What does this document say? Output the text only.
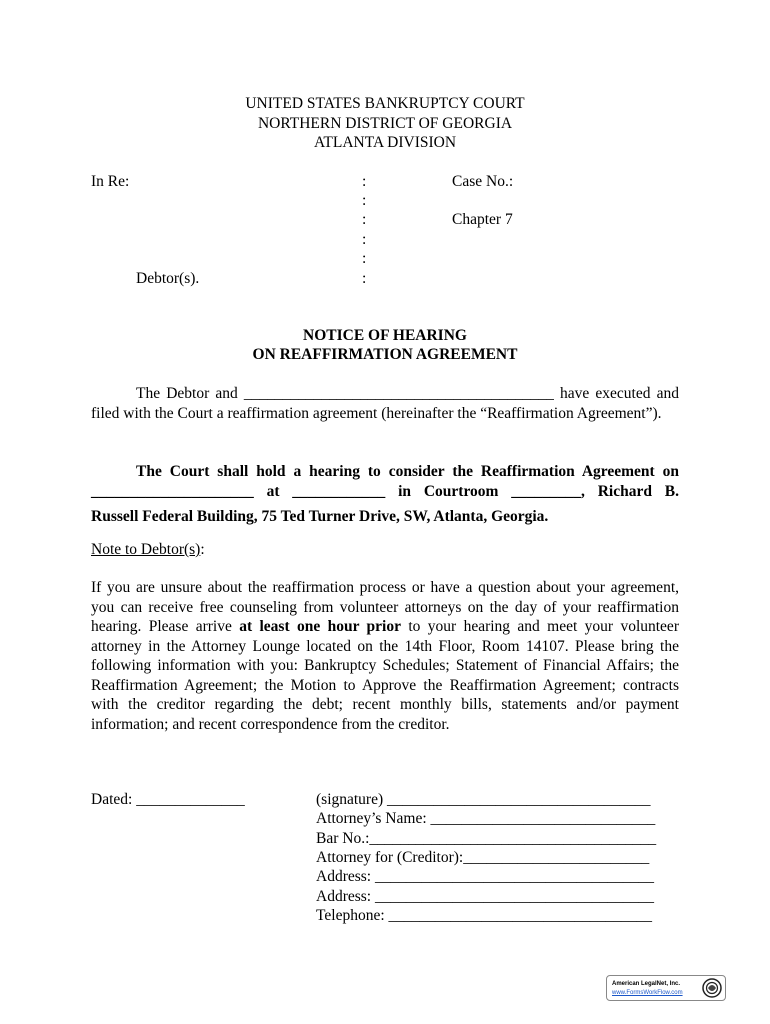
UNITED STATES BANKRUPTCY COURT
NORTHERN DISTRICT OF GEORGIA
ATLANTA DIVISION
In Re:
Debtor(s).
:
:
:
:
:
:
Case No.:
Chapter 7
NOTICE OF HEARING
ON REAFFIRMATION AGREEMENT
The Debtor and ________________________________________ have executed and filed with the Court a reaffirmation agreement (hereinafter the “Reaffirmation Agreement”).
The Court shall hold a hearing to consider the Reaffirmation Agreement on
_____________________ at ____________ in Courtroom _________, Richard B.
Russell Federal Building, 75 Ted Turner Drive, SW, Atlanta, Georgia.
Note to Debtor(s):
If you are unsure about the reaffirmation process or have a question about your agreement, you can receive free counseling from volunteer attorneys on the day of your reaffirmation hearing. Please arrive at least one hour prior to your hearing and meet your volunteer attorney in the Attorney Lounge located on the 14th Floor, Room 14107. Please bring the following information with you: Bankruptcy Schedules; Statement of Financial Affairs; the Reaffirmation Agreement; the Motion to Approve the Reaffirmation Agreement; contracts with the creditor regarding the debt; recent monthly bills, statements and/or payment information; and recent correspondence from the creditor.
Dated: ______________	(signature) __________________________________
Attorney’s Name: _____________________________
Bar No.:_____________________________________
Attorney for (Creditor):________________________
Address: ____________________________________
Address: ____________________________________
Telephone: __________________________________
American LegalNet, Inc.
www.FormsWorkFlow.com
